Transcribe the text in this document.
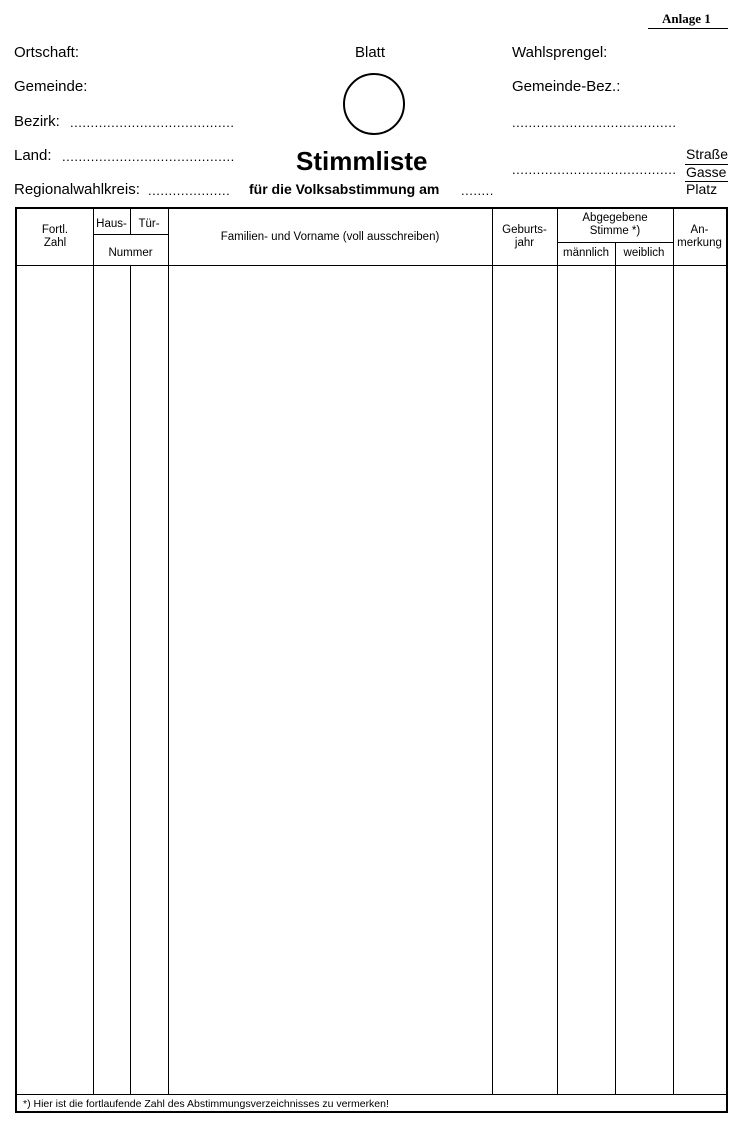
Anlage 1
Ortschaft:
Gemeinde:
Bezirk: ........................................
Land: ..........................................
Regionalwahlkreis: ....................
Blatt
Stimmliste
für die Volksabstimmung am ........
Wahlsprengel:
Gemeinde-Bez.:
........................................
........................................
Straße
Gasse
Platz
Fortl.
Zahl
Haus-	Tür-
Nummer
Familien- und Vorname (voll ausschreiben)
Geburts-
jahr
Abgegebene
Stimme *)
männlich	weiblich
An-
merkung
*) Hier ist die fortlaufende Zahl des Abstimmungsverzeichnisses zu vermerken!
